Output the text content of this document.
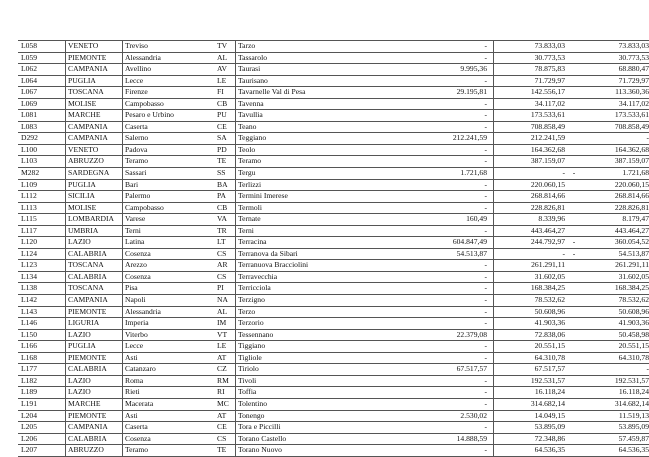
L058	VENETO	Treviso	TV	Tarzo	-	73.833,03		73.833,03
L059	PIEMONTE	Alessandria	AL	Tassarolo	-	30.773,53		30.773,53
L062	CAMPANIA	Avellino	AV	Taurasi	9.995,36	78.875,83		68.880,47
L064	PUGLIA	Lecce	LE	Taurisano	-	71.729,97		71.729,97
L067	TOSCANA	Firenze	FI	Tavarnelle Val di Pesa	29.195,81	142.556,17		113.360,36
L069	MOLISE	Campobasso	CB	Tavenna	-	34.117,02		34.117,02
L081	MARCHE	Pesaro e Urbino	PU	Tavullia	-	173.533,61		173.533,61
L083	CAMPANIA	Caserta	CE	Teano	-	708.858,49		708.858,49
D292	CAMPANIA	Salerno	SA	Teggiano	212.241,59	212.241,59		-
L100	VENETO	Padova	PD	Teolo	-	164.362,68		164.362,68
L103	ABRUZZO	Teramo	TE	Teramo	-	387.159,07		387.159,07
M282	SARDEGNA	Sassari	SS	Tergu	1.721,68	-	-	1.721,68
L109	PUGLIA	Bari	BA	Terlizzi	-	220.060,15		220.060,15
L112	SICILIA	Palermo	PA	Termini Imerese	-	268.814,66		268.814,66
L113	MOLISE	Campobasso	CB	Termoli	-	228.826,81		228.826,81
L115	LOMBARDIA	Varese	VA	Ternate	160,49	8.339,96		8.179,47
L117	UMBRIA	Terni	TR	Terni	-	443.464,27		443.464,27
L120	LAZIO	Latina	LT	Terracina	604.847,49	244.792,97	-	360.054,52
L124	CALABRIA	Cosenza	CS	Terranova da Sibari	54.513,87	-	-	54.513,87
L123	TOSCANA	Arezzo	AR	Terranuova Bracciolini	-	261.291,11		261.291,11
L134	CALABRIA	Cosenza	CS	Terravecchia	-	31.602,05		31.602,05
L138	TOSCANA	Pisa	PI	Terricciola	-	168.384,25		168.384,25
L142	CAMPANIA	Napoli	NA	Terzigno	-	78.532,62		78.532,62
L143	PIEMONTE	Alessandria	AL	Terzo	-	50.608,96		50.608,96
L146	LIGURIA	Imperia	IM	Terzorio	-	41.903,36		41.903,36
L150	LAZIO	Viterbo	VT	Tessennano	22.379,08	72.838,06		50.458,98
L166	PUGLIA	Lecce	LE	Tiggiano	-	20.551,15		20.551,15
L168	PIEMONTE	Asti	AT	Tigliole	-	64.310,78		64.310,78
L177	CALABRIA	Catanzaro	CZ	Tiriolo	67.517,57	67.517,57		-
L182	LAZIO	Roma	RM	Tivoli	-	192.531,57		192.531,57
L189	LAZIO	Rieti	RI	Toffia	-	16.118,24		16.118,24
L191	MARCHE	Macerata	MC	Tolentino	-	314.682,14		314.682,14
L204	PIEMONTE	Asti	AT	Tonengo	2.530,02	14.049,15		11.519,13
L205	CAMPANIA	Caserta	CE	Tora e Piccilli	-	53.895,09		53.895,09
L206	CALABRIA	Cosenza	CS	Torano Castello	14.888,59	72.348,86		57.459,87
L207	ABRUZZO	Teramo	TE	Torano Nuovo	-	64.536,35		64.536,35
